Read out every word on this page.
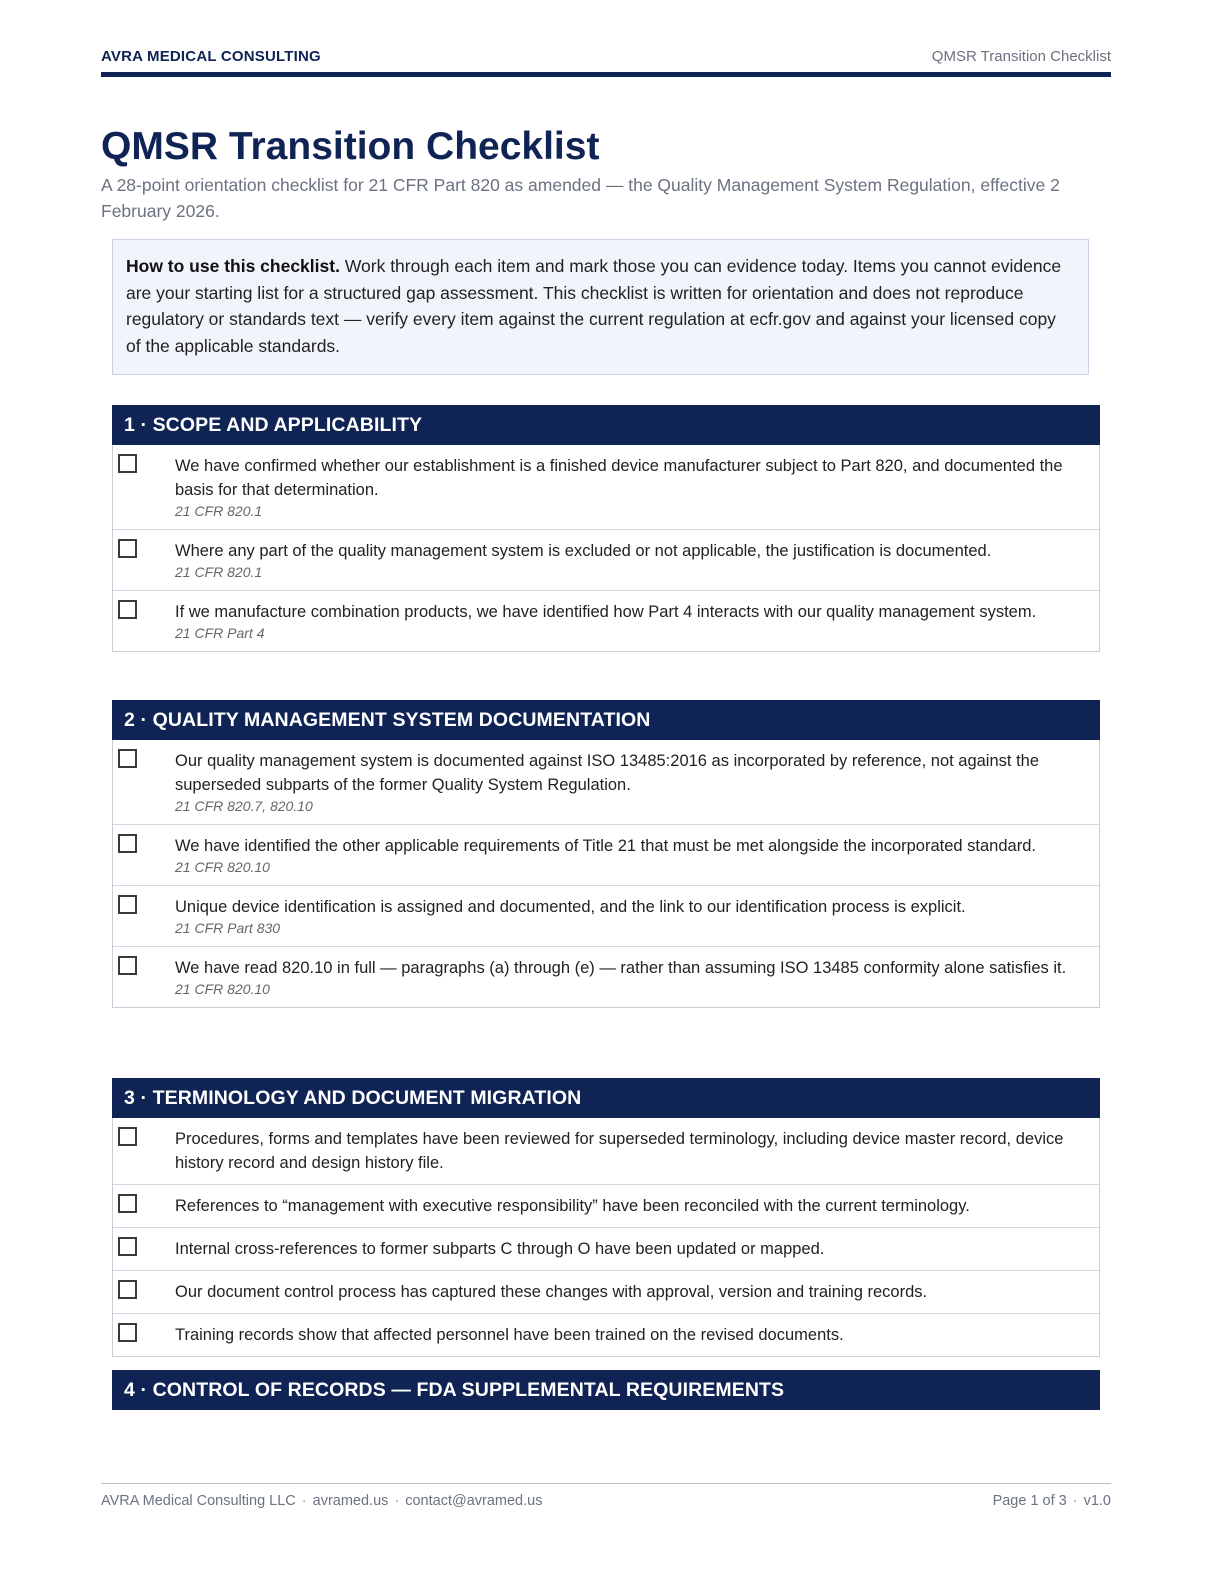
AVRA MEDICAL CONSULTING	QMSR Transition Checklist
QMSR Transition Checklist

A 28-point orientation checklist for 21 CFR Part 820 as amended — the Quality Management System Regulation, effective 2 February 2026.

How to use this checklist. Work through each item and mark those you can evidence today. Items you cannot evidence are your starting list for a structured gap assessment. This checklist is written for orientation and does not reproduce regulatory or standards text — verify every item against the current regulation at ecfr.gov and against your licensed copy of the applicable standards.
1 · SCOPE AND APPLICABILITY
We have confirmed whether our establishment is a finished device manufacturer subject to Part 820, and documented the basis for that determination.
21 CFR 820.1
Where any part of the quality management system is excluded or not applicable, the justification is documented.
21 CFR 820.1
If we manufacture combination products, we have identified how Part 4 interacts with our quality management system.
21 CFR Part 4
2 · QUALITY MANAGEMENT SYSTEM DOCUMENTATION
Our quality management system is documented against ISO 13485:2016 as incorporated by reference, not against the superseded subparts of the former Quality System Regulation.
21 CFR 820.7, 820.10
We have identified the other applicable requirements of Title 21 that must be met alongside the incorporated standard.
21 CFR 820.10
Unique device identification is assigned and documented, and the link to our identification process is explicit.
21 CFR Part 830
We have read 820.10 in full — paragraphs (a) through (e) — rather than assuming ISO 13485 conformity alone satisfies it.
21 CFR 820.10
3 · TERMINOLOGY AND DOCUMENT MIGRATION
Procedures, forms and templates have been reviewed for superseded terminology, including device master record, device history record and design history file.
References to “management with executive responsibility” have been reconciled with the current terminology.
Internal cross-references to former subparts C through O have been updated or mapped.
Our document control process has captured these changes with approval, version and training records.
Training records show that affected personnel have been trained on the revised documents.
4 · CONTROL OF RECORDS — FDA SUPPLEMENTAL REQUIREMENTS
AVRA Medical Consulting LLC · avramed.us · contact@avramed.us	Page 1 of 3 · v1.0
